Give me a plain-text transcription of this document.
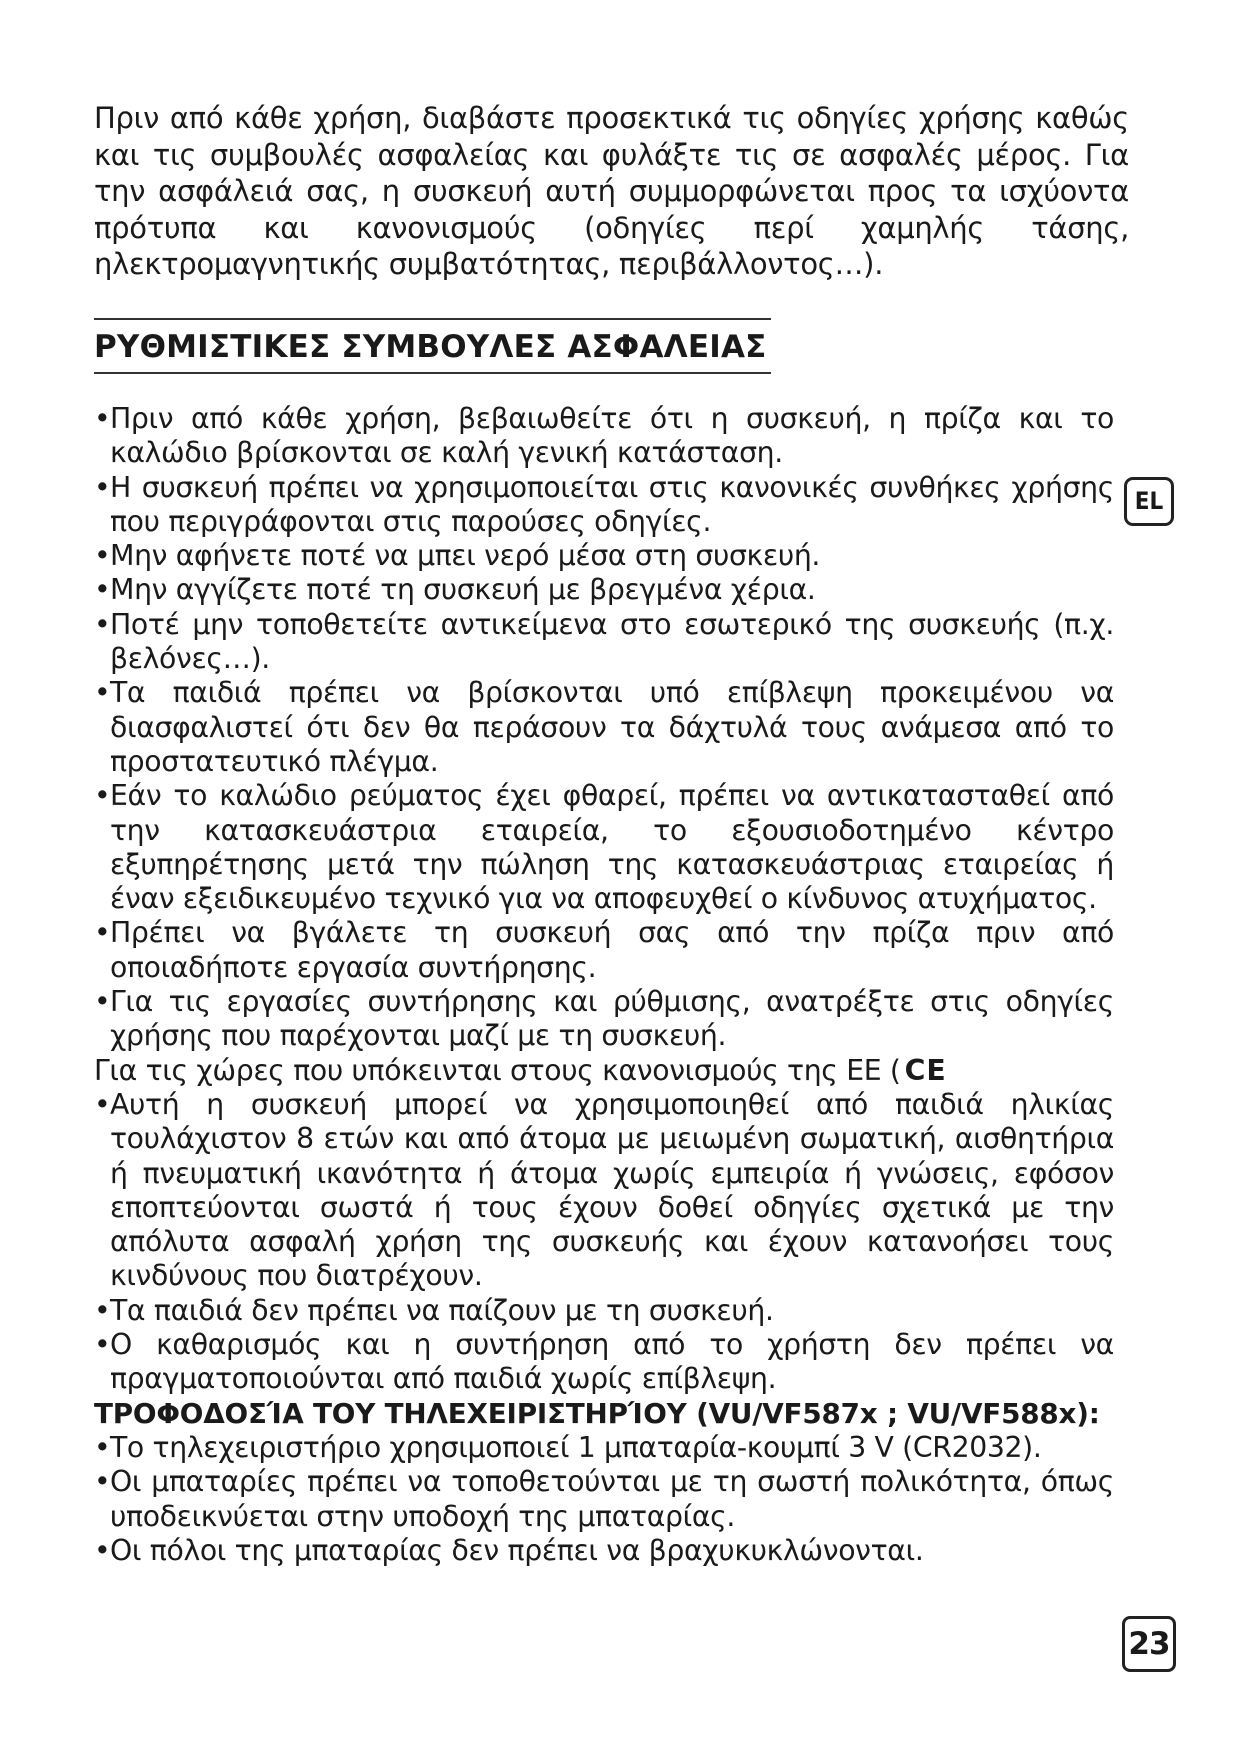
Πριν από κάθε χρήση, διαβάστε προσεκτικά τις οδηγίες χρήσης καθώς και τις συμβουλές ασφαλείας και φυλάξτε τις σε ασφαλές μέρος. Για την ασφάλειά σας, η συσκευή αυτή συμμορφώνεται προς τα ισχύοντα πρότυπα και κανονισμούς (οδηγίες περί χαμηλής τάσης, ηλεκτρομαγνητικής συμβατότητας, περιβάλλοντος…).

ΡΥΘΜΙΣΤΙΚΕΣ ΣΥΜΒΟΥΛΕΣ ΑΣΦΑΛΕΙΑΣ

• Πριν από κάθε χρήση, βεβαιωθείτε ότι η συσκευή, η πρίζα και το καλώδιο βρίσκονται σε καλή γενική κατάσταση.

• Η συσκευή πρέπει να χρησιμοποιείται στις κανονικές συνθήκες χρήσης που περιγράφονται στις παρούσες οδηγίες.

• Μην αφήνετε ποτέ να μπει νερό μέσα στη συσκευή.

• Μην αγγίζετε ποτέ τη συσκευή με βρεγμένα χέρια.

• Ποτέ μην τοποθετείτε αντικείμενα στο εσωτερικό της συσκευής (π.χ. βελόνες…).

• Τα παιδιά πρέπει να βρίσκονται υπό επίβλεψη προκειμένου να διασφαλιστεί ότι δεν θα περάσουν τα δάχτυλά τους ανάμεσα από το προστατευτικό πλέγμα.

• Εάν το καλώδιο ρεύματος έχει φθαρεί, πρέπει να αντικατασταθεί από την κατασκευάστρια εταιρεία, το εξουσιοδοτημένο κέντρο εξυπηρέτησης μετά την πώληση της κατασκευάστριας εταιρείας ή έναν εξειδικευμένο τεχνικό για να αποφευχθεί ο κίνδυνος ατυχήματος.

• Πρέπει να βγάλετε τη συσκευή σας από την πρίζα πριν από οποιαδήποτε εργασία συντήρησης.

• Για τις εργασίες συντήρησης και ρύθμισης, ανατρέξτε στις οδηγίες χρήσης που παρέχονται μαζί με τη συσκευή.

Για τις χώρες που υπόκεινται στους κανονισμούς της ΕΕ ( CE

• Αυτή η συσκευή μπορεί να χρησιμοποιηθεί από παιδιά ηλικίας τουλάχιστον 8 ετών και από άτομα με μειωμένη σωματική, αισθητήρια ή πνευματική ικανότητα ή άτομα χωρίς εμπειρία ή γνώσεις, εφόσον εποπτεύονται σωστά ή τους έχουν δοθεί οδηγίες σχετικά με την απόλυτα ασφαλή χρήση της συσκευής και έχουν κατανοήσει τους κινδύνους που διατρέχουν.

• Τα παιδιά δεν πρέπει να παίζουν με τη συσκευή.

• Ο καθαρισμός και η συντήρηση από το χρήστη δεν πρέπει να πραγματοποιούνται από παιδιά χωρίς επίβλεψη.

ΤΡΟΦΟΔΟΣΊΑ ΤΟΥ ΤΗΛΕΧΕΙΡΙΣΤΗΡΊΟΥ (VU/VF587x ; VU/VF588x):

• Το τηλεχειριστήριο χρησιμοποιεί 1 μπαταρία-κουμπί 3 V (CR2032).

• Οι μπαταρίες πρέπει να τοποθετούνται με τη σωστή πολικότητα, όπως υποδεικνύεται στην υποδοχή της μπαταρίας.

• Οι πόλοι της μπαταρίας δεν πρέπει να βραχυκυκλώνονται.

EL
23
